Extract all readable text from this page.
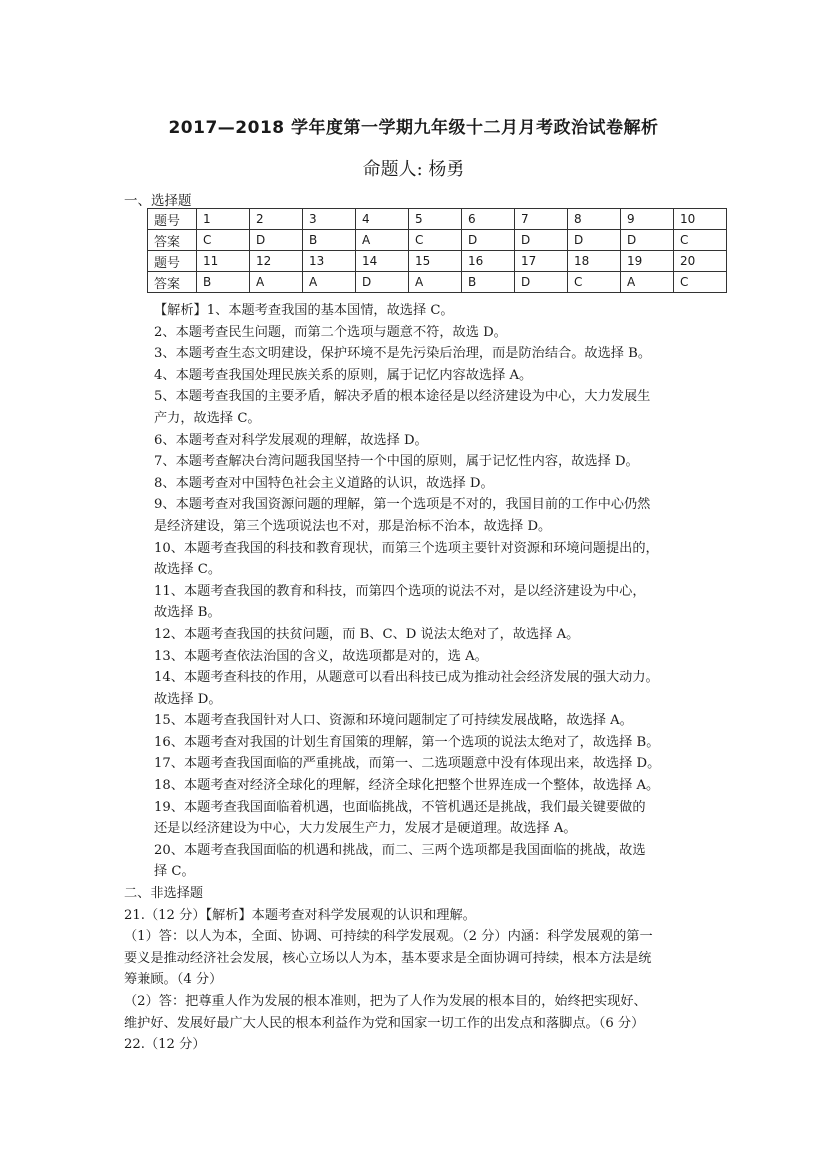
2017—2018 学年度第一学期九年级十二月月考政治试卷解析
命题人: 杨勇
一、选择题
题号	1	2	3	4	5	6	7	8	9	10
答案	C	D	B	A	C	D	D	D	D	C
题号	11	12	13	14	15	16	17	18	19	20
答案	B	A	A	D	A	B	D	C	A	C

【解析】1、本题考查我国的基本国情，故选择 C。

2、本题考查民生问题，而第二个选项与题意不符，故选 D。

3、本题考查生态文明建设，保护环境不是先污染后治理，而是防治结合。故选择 B。

4、本题考查我国处理民族关系的原则，属于记忆内容故选择 A。

5、本题考查我国的主要矛盾，解决矛盾的根本途径是以经济建设为中心，大力发展生

产力，故选择 C。

6、本题考查对科学发展观的理解，故选择 D。

7、本题考查解决台湾问题我国坚持一个中国的原则，属于记忆性内容，故选择 D。

8、本题考查对中国特色社会主义道路的认识，故选择 D。

9、本题考查对我国资源问题的理解，第一个选项是不对的，我国目前的工作中心仍然

是经济建设，第三个选项说法也不对，那是治标不治本，故选择 D。

10、本题考查我国的科技和教育现状，而第三个选项主要针对资源和环境问题提出的，

故选择 C。

11、本题考查我国的教育和科技，而第四个选项的说法不对，是以经济建设为中心，

故选择 B。

12、本题考查我国的扶贫问题，而 B、C、D 说法太绝对了，故选择 A。

13、本题考查依法治国的含义，故选项都是对的，选 A。

14、本题考查科技的作用，从题意可以看出科技已成为推动社会经济发展的强大动力。

故选择 D。

15、本题考查我国针对人口、资源和环境问题制定了可持续发展战略，故选择 A。

16、本题考查对我国的计划生育国策的理解，第一个选项的说法太绝对了，故选择 B。

17、本题考查我国面临的严重挑战，而第一、二选项题意中没有体现出来，故选择 D。

18、本题考查对经济全球化的理解，经济全球化把整个世界连成一个整体，故选择 A。

19、本题考查我国面临着机遇，也面临挑战，不管机遇还是挑战，我们最关键要做的

还是以经济建设为中心，大力发展生产力，发展才是硬道理。故选择 A。

20、本题考查我国面临的机遇和挑战，而二、三两个选项都是我国面临的挑战，故选

择 C。

二、非选择题

21.（12 分）【解析】本题考查对科学发展观的认识和理解。

（1）答：以人为本，全面、协调、可持续的科学发展观。（2 分）内涵：科学发展观的第一

要义是推动经济社会发展，核心立场以人为本，基本要求是全面协调可持续，根本方法是统

筹兼顾。（4 分）

（2）答：把尊重人作为发展的根本准则，把为了人作为发展的根本目的，始终把实现好、

维护好、发展好最广大人民的根本利益作为党和国家一切工作的出发点和落脚点。（6 分）

22.（12 分）
